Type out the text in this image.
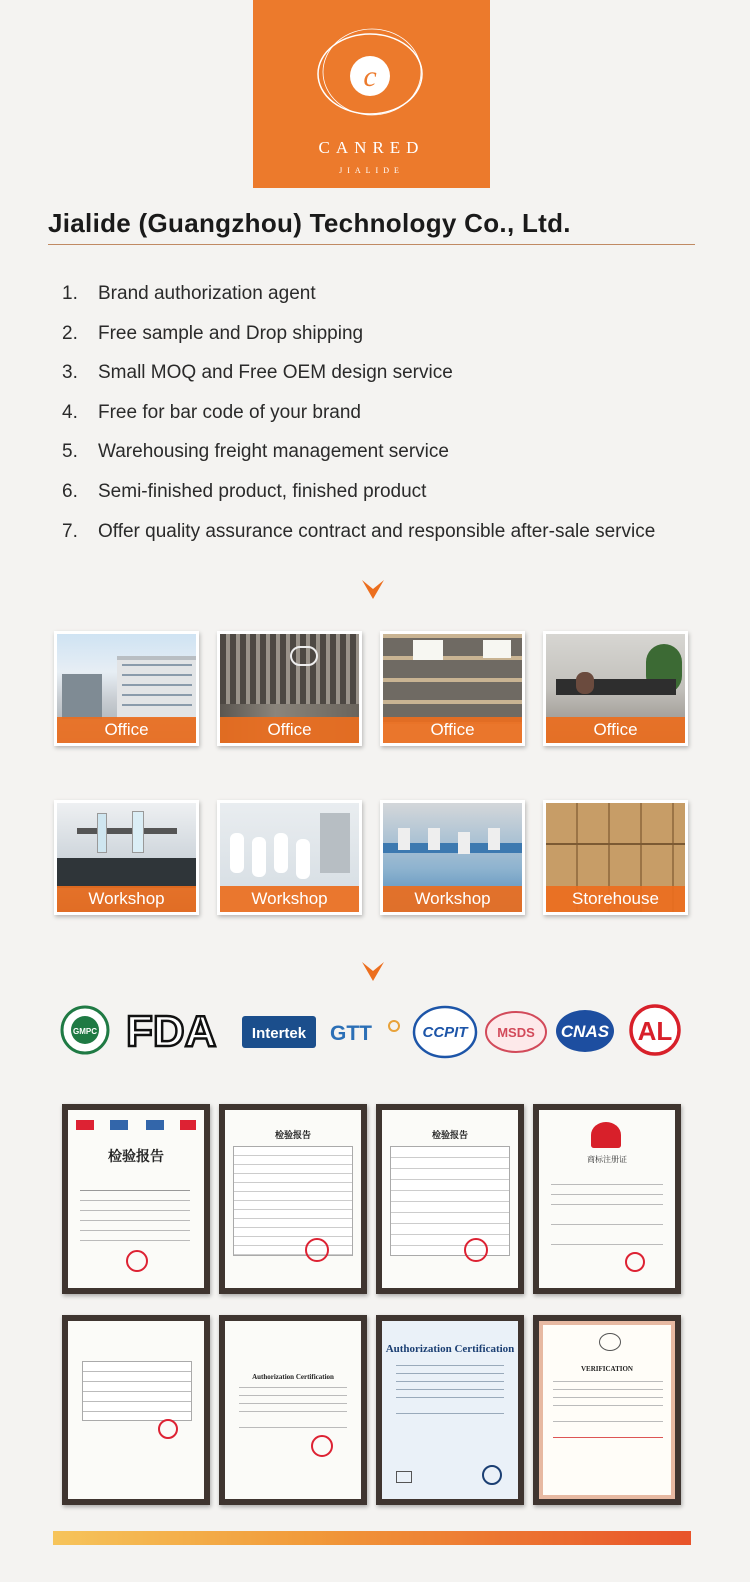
c
CANRED
JIALIDE
Jialide (Guangzhou) Technology Co., Ltd.
1.	Brand authorization agent
2.	Free sample and Drop shipping
3.	Small MOQ and Free OEM design service
4.	Free for bar code of your brand
5.	Warehousing freight management service
6.	Semi-finished product, finished product
7.	Offer quality assurance contract and responsible after-sale service
Office	Office	Office	Office
Workshop	Workshop	Workshop	Storehouse
GMPC FDA Intertek GTT	CCPIT MSDS CNAS AL
检验报告
检验报告	检验报告
商标注册证
Authorization Certification
Authorization Certification
VERIFICATION
